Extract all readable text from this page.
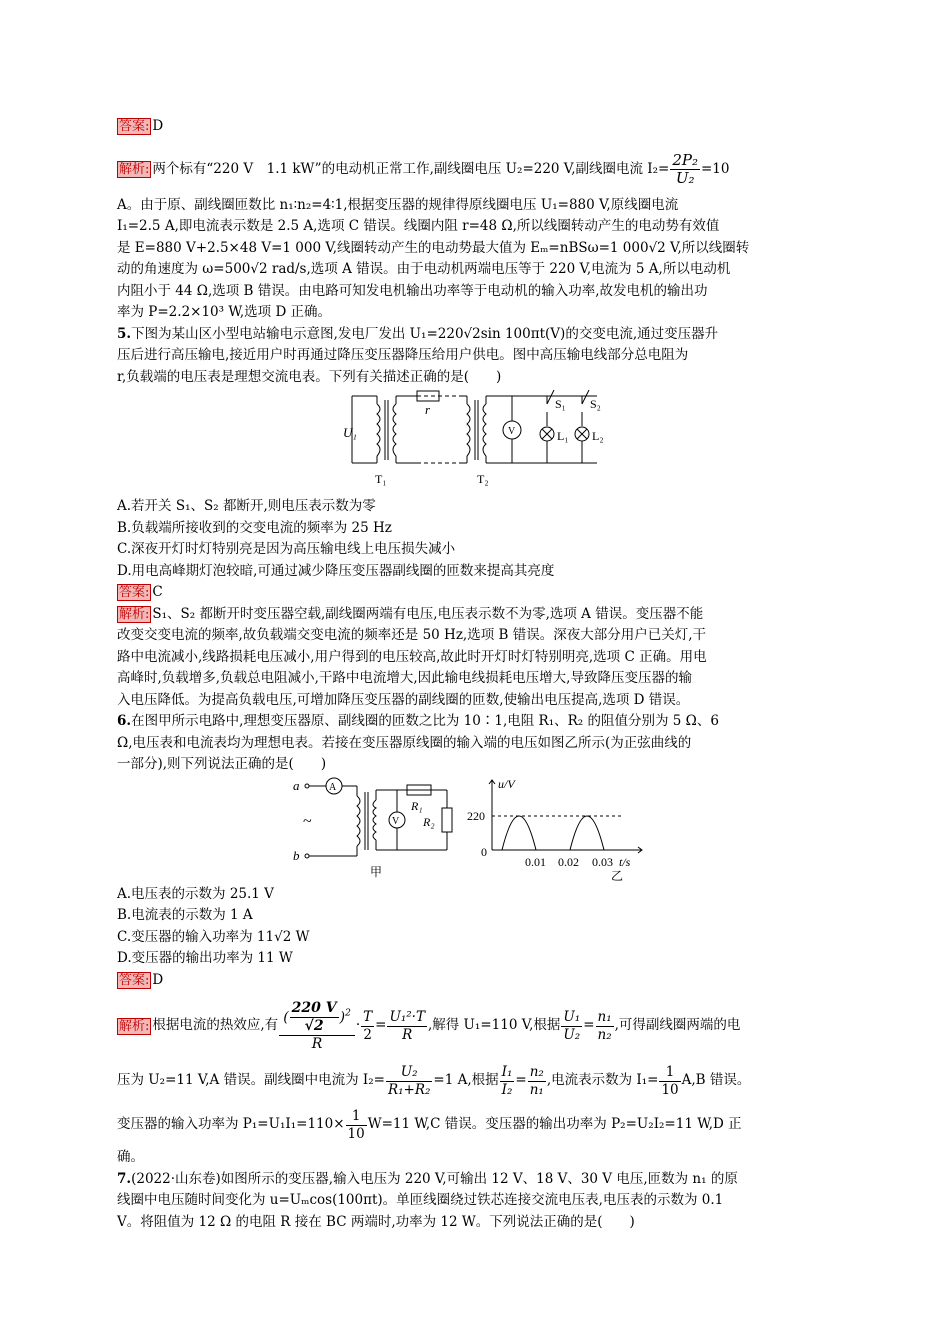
答案: D
解析: 两个标有“220 V　1.1 kW”的电动机正常工作,副线圈电压 U₂=220 V,副线圈电流 $I_2= \frac{\text{2P₂}}{\text{U₂}} =10$
A。由于原、副线圈匝数比 n₁∶n₂=4∶1,根据变压器的规律得原线圈电压 U₁=880 V,原线圈电流
I₁=2.5 A,即电流表示数是 2.5 A,选项 C 错误。线圈内阻 r=48 Ω,所以线圈转动产生的电动势有效值
是 E=880 V+2.5×48 V=1 000 V,线圈转动产生的电动势最大值为 Eₘ=nBSω=1 000√2 V,所以线圈转
动的角速度为 ω=500√2 rad/s,选项 A 错误。由于电动机两端电压等于 220 V,电流为 5 A,所以电动机
内阻小于 44 Ω,选项 B 错误。由电路可知发电机输出功率等于电动机的输入功率,故发电机的输出功
率为 P=2.2×10³ W,选项 D 正确。
5.下图为某山区小型电站输电示意图,发电厂发出 U₁=220√2sin 100πt(V)的交变电流,通过变压器升
压后进行高压输电,接近用户时再通过降压变压器降压给用户供电。图中高压输电线部分总电阻为
r,负载端的电压表是理想交流电表。下列有关描述正确的是(　　)
U₁
r
V
S₁ S₂
L₁ L₂
T₁	T₂
A.若开关 S₁、S₂ 都断开,则电压表示数为零
B.负载端所接收到的交变电流的频率为 25 Hz
C.深夜开灯时灯特别亮是因为高压输电线上电压损失减小
D.用电高峰期灯泡较暗,可通过减少降压变压器副线圈的匝数来提高其亮度
答案: C
解析: S₁、S₂ 都断开时变压器空载,副线圈两端有电压,电压表示数不为零,选项 A 错误。变压器不能
改变交变电流的频率,故负载端交变电流的频率还是 50 Hz,选项 B 错误。深夜大部分用户已关灯,干
路中电流减小,线路损耗电压减小,用户得到的电压较高,故此时开灯时灯特别明亮,选项 C 正确。用电
高峰时,负载增多,负载总电阻减小,干路中电流增大,因此输电线损耗电压增大,导致降压变压器的输
入电压降低。为提高负载电压,可增加降压变压器的副线圈的匝数,使输出电压提高,选项 D 错误。
6.在图甲所示电路中,理想变压器原、副线圈的匝数之比为 10∶1,电阻 R₁、R₂ 的阻值分别为 5 Ω、6
Ω,电压表和电流表均为理想电表。若接在变压器原线圈的输入端的电压如图乙所示(为正弦曲线的
一部分),则下列说法正确的是(　　)
a
b
~
A
V
R₁
R₂
甲	乙
u/V
220
0
0.01 0.02 0.03 t/s
A.电压表的示数为 25.1 V
B.电流表的示数为 1 A
C.变压器的输入功率为 11√2 W
D.变压器的输出功率为 11 W
答案: D
解析: 根据电流的热效应,有 $\frac{( \frac{220 V}{√2} )^2}{R} \cdot \frac{T}{2} = \frac{\text{U₁²·T}}{R}$ ,解得 U₁=110 V,根据 $\frac{\text{U₁}}{\text{U₂}} = \frac{\text{n₁}}{\text{n₂}}$ ,可得副线圈两端的电
压为 U₂=11 V,A 错误。副线圈中电流为 $I_2= \frac{\text{U₂}}{\text{R₁+R₂}} =1$ A,根据 $\frac{\text{I₁}}{\text{I₂}} = \frac{\text{n₂}}{\text{n₁}}$ ,电流表示数为 $I_1= \frac{1}{10} A,B$ 错误。
变压器的输入功率为 $P_1=U_1I_1=110\times \frac{1}{10} W=11$ W,C 错误。变压器的输出功率为 P₂=U₂I₂=11 W,D 正
确。
7.(2022·山东卷)如图所示的变压器,输入电压为 220 V,可输出 12 V、18 V、30 V 电压,匝数为 n₁ 的原
线圈中电压随时间变化为 u=Uₘcos(100πt)。单匝线圈绕过铁芯连接交流电压表,电压表的示数为 0.1
V。将阻值为 12 Ω 的电阻 R 接在 BC 两端时,功率为 12 W。下列说法正确的是(　　)
